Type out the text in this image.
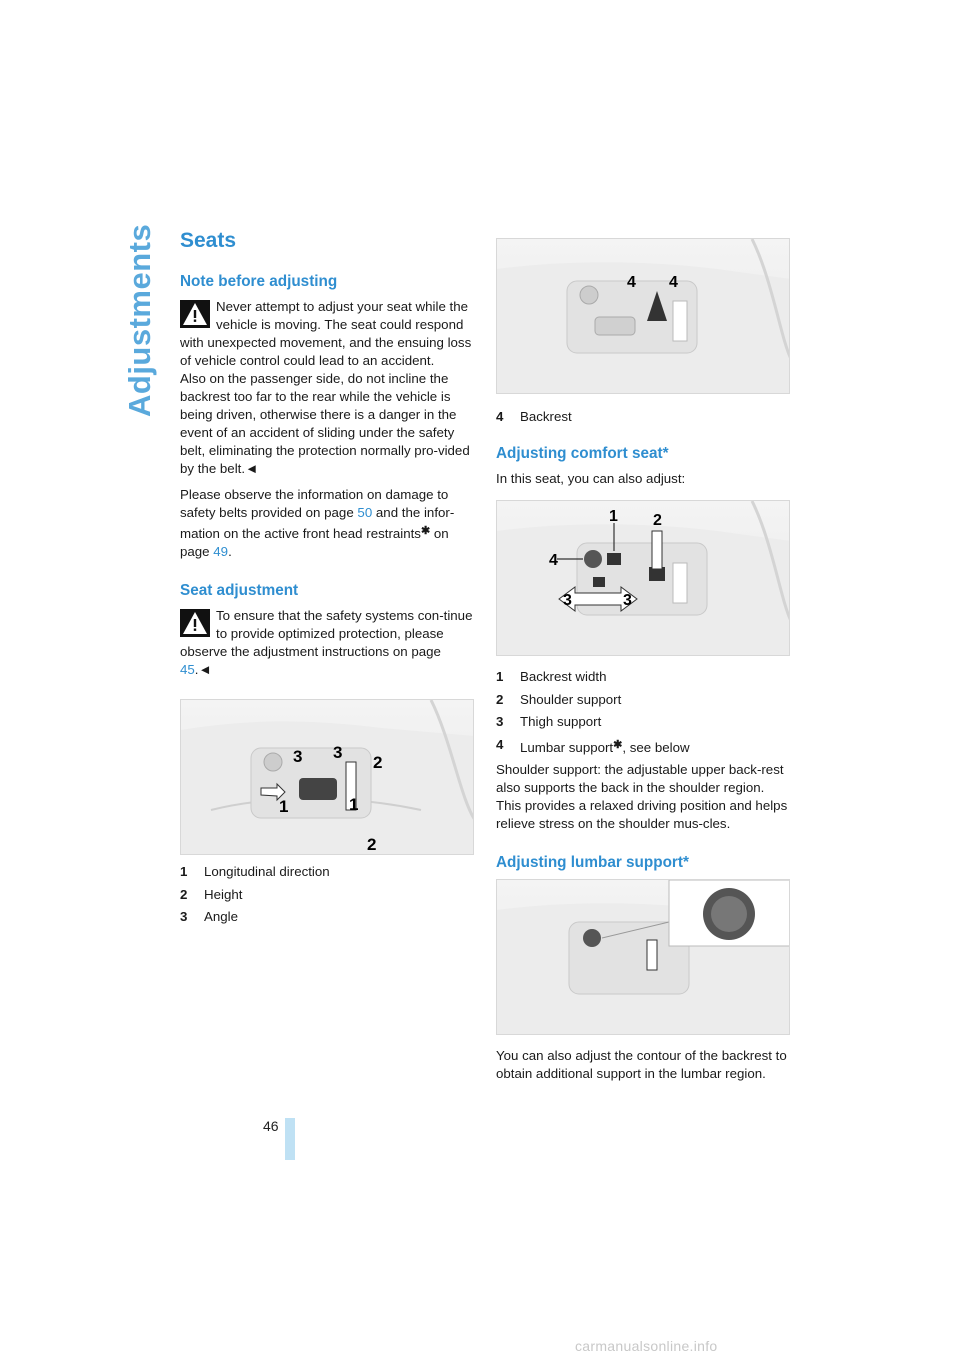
Adjustments
46
Seats
Note before adjusting

Never attempt to adjust your seat while the vehicle is moving. The seat could respond with unexpected movement, and the ensuing loss of vehicle control could lead to an accident.

Also on the passenger side, do not incline the backrest too far to the rear while the vehicle is being driven, otherwise there is a danger in the event of an accident of sliding under the safety belt, eliminating the protection normally pro-vided by the belt.◄

Please observe the information on damage to safety belts provided on page 50 and the infor-mation on the active front head restraints✱ on page 49.

Seat adjustment

To ensure that the safety systems con-tinue to provide optimized protection, please observe the adjustment instructions on page 45.◄

1	1
2
2
3 3
1	Longitudinal direction
2	Height
3	Angle
4 4
4	Backrest
Adjusting comfort seat*

In this seat, you can also adjust:

1 2
3	3
4
1	Backrest width
2	Shoulder support
3	Thigh support
4	Lumbar support✱, see below

Shoulder support: the adjustable upper back-rest also supports the back in the shoulder region. This provides a relaxed driving position and helps relieve stress on the shoulder mus-cles.

Adjusting lumbar support*

You can also adjust the contour of the backrest to obtain additional support in the lumbar region.

carmanualsonline.info
